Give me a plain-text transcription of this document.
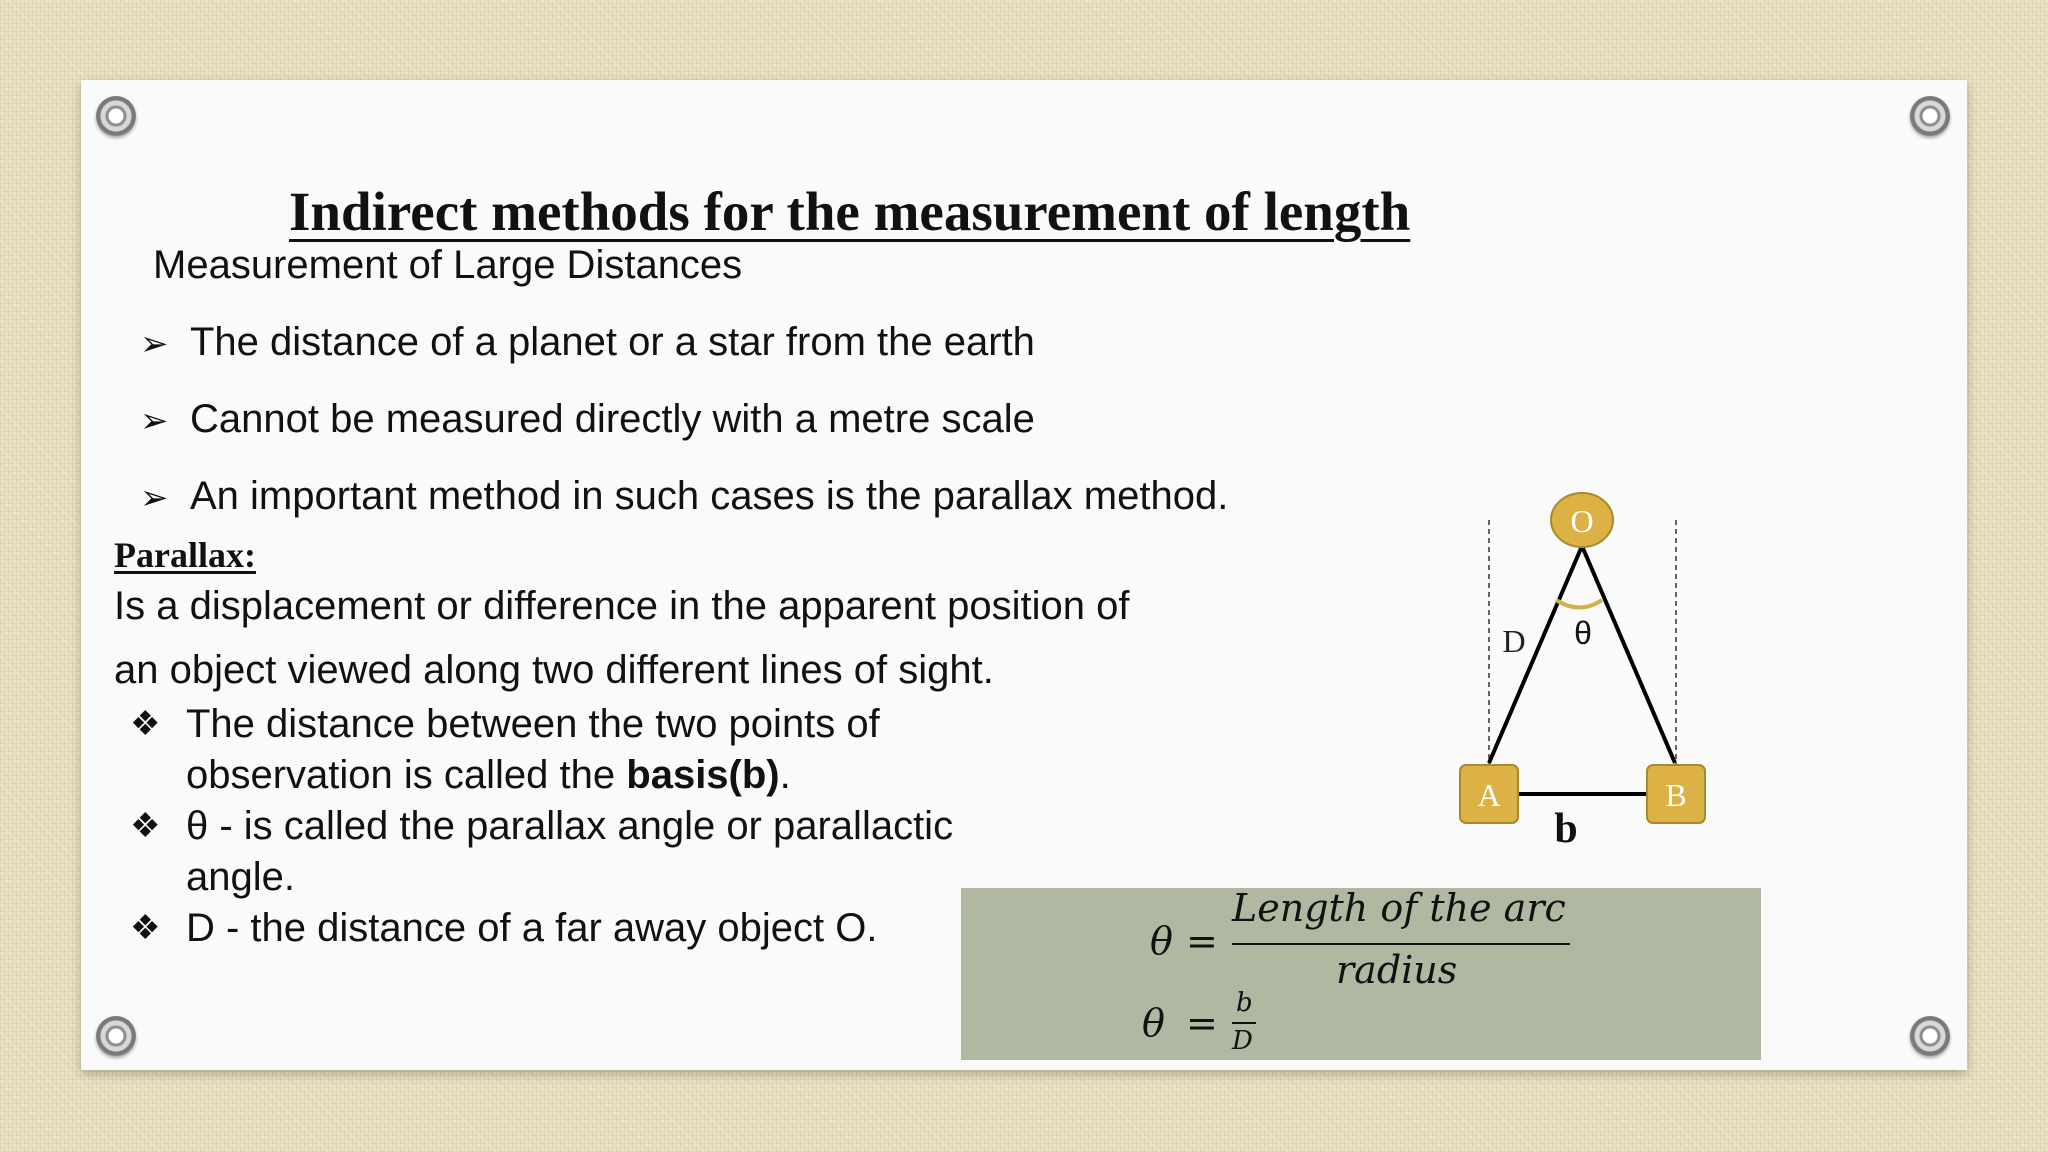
Indirect methods for the measurement of length
Measurement of Large Distances
➢ The distance of a planet or a star from the earth
➢ Cannot be measured directly with a metre scale
➢ An important method in such cases is the parallax method.
Parallax:
Is a displacement or difference in the apparent position of
an object viewed along two different lines of sight.
❖ The distance between the two points of
observation is called the basis(b).
❖ θ - is called the parallax angle or parallactic
angle.
❖ D - the distance of a far away object O.
O
A	B
D θ
b
θ =
Length of the arc
radius
θ = b
D
